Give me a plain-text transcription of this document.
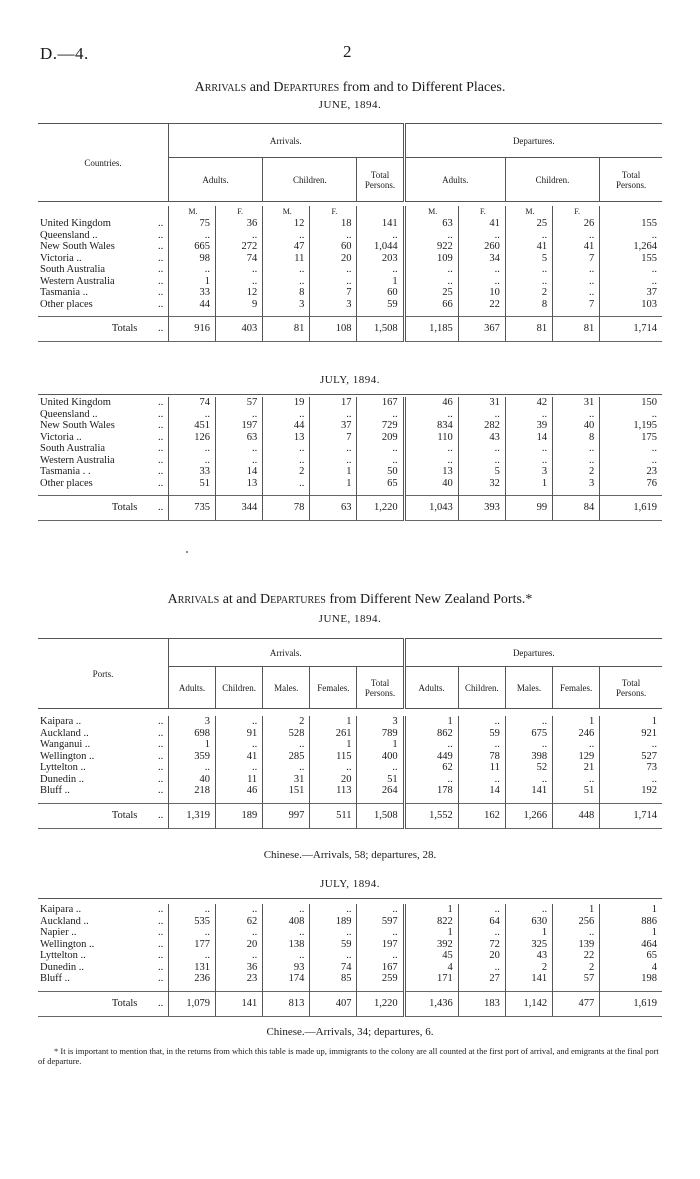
D.—4.	2
Arrivals and Departures from and to Different Places.
JUNE, 1894.
Countries.	Arrivals.			Departures.		
	Adults.	Children.	Total
Persons.	Adults.	Children.	Total
Persons.
		M.	F.	M.	F.		M.	F.	M.	F.	
United Kingdom	..	75	36	12	18	141	63	41	25	26	155
Queensland ..	..	..	..	..	..	..	..	..	..	..	..
New South Wales	..	665	272	47	60	1,044	922	260	41	41	1,264
Victoria ..	..	98	74	11	20	203	109	34	5	7	155
South Australia	..	..	..	..	..	..	..	..	..	..	..
Western Australia	..	1	..	..	..	1	..	..	..	..	..
Tasmania ..	..	33	12	8	7	60	25	10	2	..	37
Other places	..	44	9	3	3	59	66	22	8	7	103

Totals	..	916	403	81	108	1,508	1,185	367	81	81	1,714
JULY, 1894.
United Kingdom	..	74	57	19	17	167	46	31	42	31	150
Queensland ..	..	..	..	..	..	..	..	..	..	..	..
New South Wales	..	451	197	44	37	729	834	282	39	40	1,195
Victoria ..	..	126	63	13	7	209	110	43	14	8	175
South Australia	..	..	..	..	..	..	..	..	..	..	..
Western Australia	..	..	..	..	..	..	..	..	..	..	..
Tasmania . .	..	33	14	2	1	50	13	5	3	2	23
Other places	..	51	13	..	1	65	40	32	1	3	76

Totals	..	735	344	78	63	1,220	1,043	393	99	84	1,619
Arrivals at and Departures from Different New Zealand Ports.*
JUNE, 1894.
Ports.	Arrivals.					Departures.				
	Adults.	Children.	Males.	Females.	Total
Persons.	Adults.	Children.	Males.	Females.	Total
Persons.
Kaipara ..	..	3	..	2	1	3	1	..	..	1	1
Auckland ..	..	698	91	528	261	789	862	59	675	246	921
Wanganui ..	..	1	..	..	1	1	..	..	..	..	..
Wellington ..	..	359	41	285	115	400	449	78	398	129	527
Lyttelton ..	..	..	..	..	..	..	62	11	52	21	73
Dunedin ..	..	40	11	31	20	51	..	..	..	..	..
Bluff ..	..	218	46	151	113	264	178	14	141	51	192

Totals	..	1,319	189	997	511	1,508	1,552	162	1,266	448	1,714
Chinese.—Arrivals, 58; departures, 28.
JULY, 1894.
Kaipara ..	..	..	..	..	..	..	1	..	..	1	1
Auckland ..	..	535	62	408	189	597	822	64	630	256	886
Napier ..	..	..	..	..	..	..	1	..	1	..	1
Wellington ..	..	177	20	138	59	197	392	72	325	139	464
Lyttelton ..	..	..	..	..	..	..	45	20	43	22	65
Dunedin ..	..	131	36	93	74	167	4	..	2	2	4
Bluff ..	..	236	23	174	85	259	171	27	141	57	198

Totals	..	1,079	141	813	407	1,220	1,436	183	1,142	477	1,619
Chinese.—Arrivals, 34; departures, 6.
* It is important to mention that, in the returns from which this table is made up, immigrants to the colony are all counted at the first port of arrival, and emigrants at the final port of departure.
